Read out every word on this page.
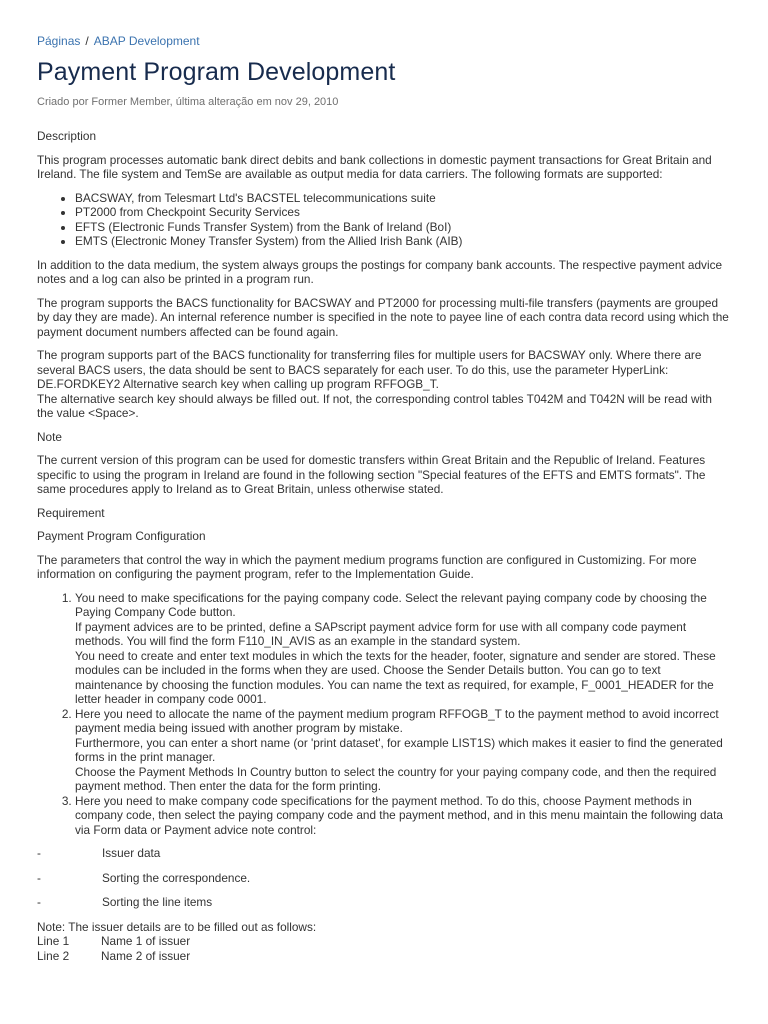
Páginas / ABAP Development
Payment Program Development
Criado por Former Member, última alteração em nov 29, 2010

Description

This program processes automatic bank direct debits and bank collections in domestic payment transactions for Great Britain and Ireland. The file system and TemSe are available as output media for data carriers. The following formats are supported:

• BACSWAY, from Telesmart Ltd's BACSTEL telecommunications suite
• PT2000 from Checkpoint Security Services
• EFTS (Electronic Funds Transfer System) from the Bank of Ireland (BoI)
• EMTS (Electronic Money Transfer System) from the Allied Irish Bank (AIB)

In addition to the data medium, the system always groups the postings for company bank accounts. The respective payment advice notes and a log can also be printed in a program run.

The program supports the BACS functionality for BACSWAY and PT2000 for processing multi-file transfers (payments are grouped by day they are made). An internal reference number is specified in the note to payee line of each contra data record using which the payment document numbers affected can be found again.

The program supports part of the BACS functionality for transferring files for multiple users for BACSWAY only. Where there are several BACS users, the data should be sent to BACS separately for each user. To do this, use the parameter HyperLink: DE.FORDKEY2 Alternative search key when calling up program RFFOGB_T.

The alternative search key should always be filled out. If not, the corresponding control tables T042M and T042N will be read with the value <Space>.

Note

The current version of this program can be used for domestic transfers within Great Britain and the Republic of Ireland. Features specific to using the program in Ireland are found in the following section "Special features of the EFTS and EMTS formats". The same procedures apply to Ireland as to Great Britain, unless otherwise stated.

Requirement

Payment Program Configuration

The parameters that control the way in which the payment medium programs function are configured in Customizing. For more information on configuring the payment program, refer to the Implementation Guide.

1. You need to make specifications for the paying company code. Select the relevant paying company code by choosing the Paying Company Code button.
If payment advices are to be printed, define a SAPscript payment advice form for use with all company code payment methods. You will find the form F110_IN_AVIS as an example in the standard system.
You need to create and enter text modules in which the texts for the header, footer, signature and sender are stored. These modules can be included in the forms when they are used. Choose the Sender Details button. You can go to text maintenance by choosing the function modules. You can name the text as required, for example, F_0001_HEADER for the letter header in company code 0001.
2. Here you need to allocate the name of the payment medium program RFFOGB_T to the payment method to avoid incorrect payment media being issued with another program by mistake.
Furthermore, you can enter a short name (or 'print dataset', for example LIST1S) which makes it easier to find the generated forms in the print manager.
Choose the Payment Methods In Country button to select the country for your paying company code, and then the required payment method. Then enter the data for the form printing.
3. Here you need to make company code specifications for the payment method. To do this, choose Payment methods in company code, then select the paying company code and the payment method, and in this menu maintain the following data via Form data or Payment advice note control:
-	Issuer data
-	Sorting the correspondence.
-	Sorting the line items
Note: The issuer details are to be filled out as follows:
Line 1	Name 1 of issuer
Line 2	Name 2 of issuer
